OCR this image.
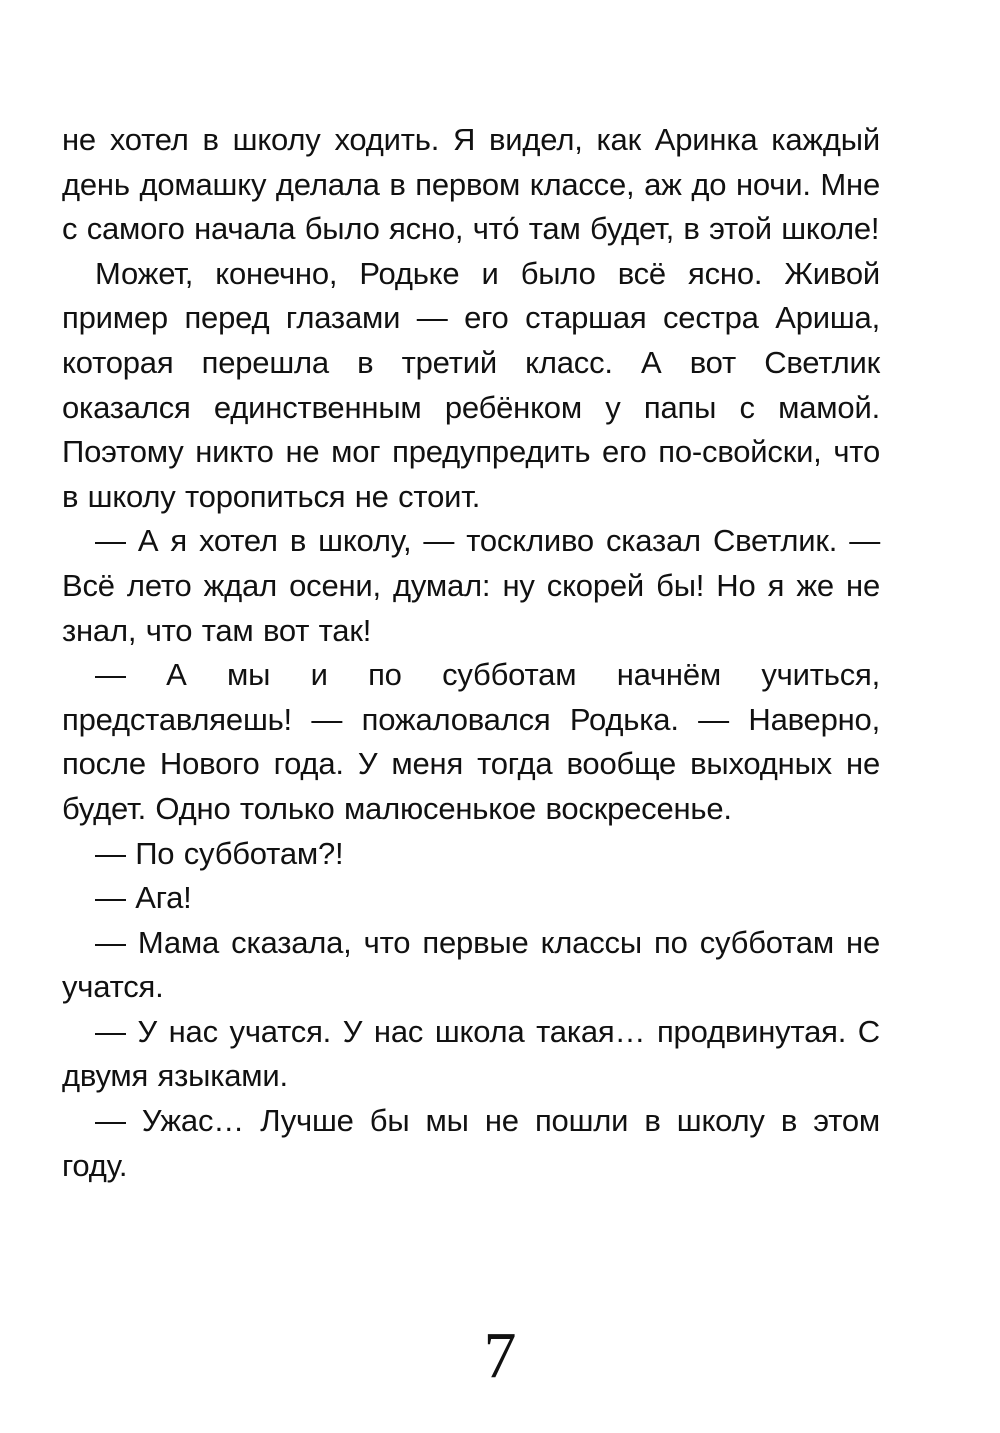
не хотел в школу ходить. Я видел, как Аринка каждый день домашку делала в первом классе, аж до ночи. Мне с самого начала было ясно, что́ там будет, в этой школе!

Может, конечно, Родьке и было всё ясно. Живой пример перед глазами — его старшая сестра Ариша, которая перешла в третий класс. А вот Светлик оказался единственным ребёнком у папы с мамой. Поэтому никто не мог предупредить его по-свойски, что в школу торопиться не стоит.

— А я хотел в школу, — тоскливо сказал Светлик. — Всё лето ждал осени, думал: ну скорей бы! Но я же не знал, что там вот так!

— А мы и по субботам начнём учиться, представляешь! — пожаловался Родька. — Наверно, после Нового года. У меня тогда вообще выходных не будет. Одно только малюсенькое воскресенье.

— По субботам?!

— Ага!

— Мама сказала, что первые классы по субботам не учатся.

— У нас учатся. У нас школа такая… продвинутая. С двумя языками.

— Ужас… Лучше бы мы не пошли в школу в этом году.

7
